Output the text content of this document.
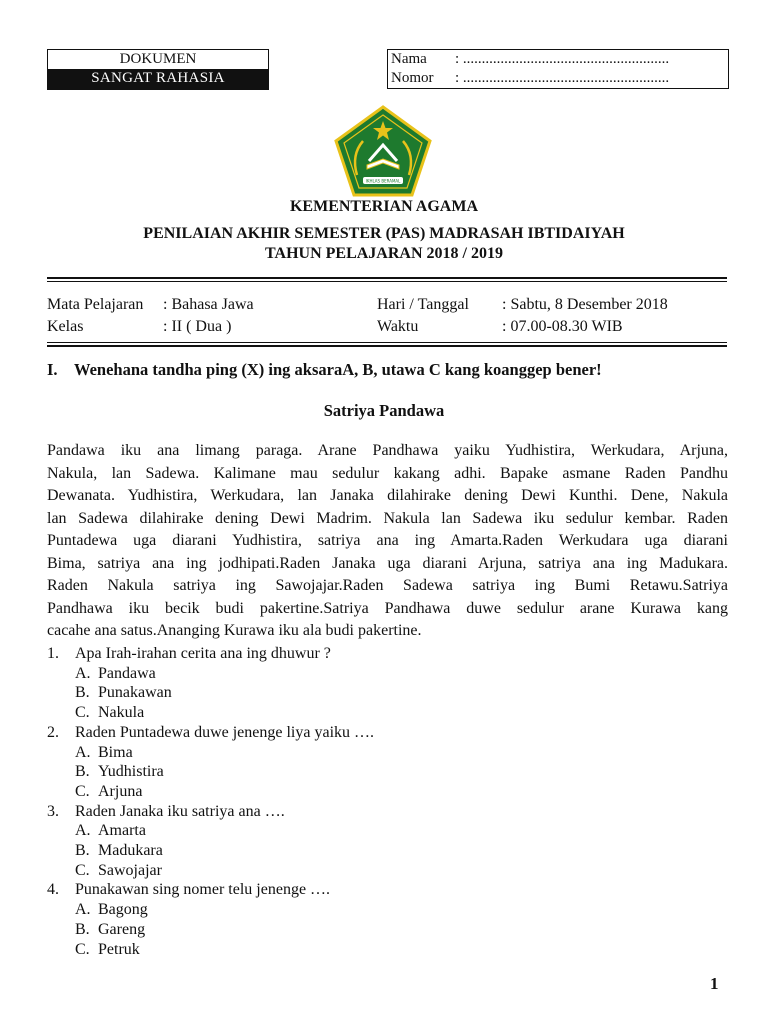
DOKUMEN
SANGAT RAHASIA
Nama : .......................................................
Nomor : .......................................................
IKHLAS BERAMAL
KEMENTERIAN AGAMA
PENILAIAN AKHIR SEMESTER (PAS) MADRASAH IBTIDAIYAH
TAHUN PELAJARAN 2018 / 2019
Mata Pelajaran : Bahasa Jawa
Kelas	: II ( Dua )
Hari / Tanggal : Sabtu, 8 Desember 2018
Waktu	: 07.00-08.30 WIB
I. Wenehana tandha ping (X) ing aksaraA, B, utawa C kang koanggep bener!
Satriya Pandawa
Pandawa iku ana limang paraga. Arane Pandhawa yaiku Yudhistira, Werkudara, Arjuna,
Nakula, lan Sadewa. Kalimane mau sedulur kakang adhi. Bapake asmane Raden Pandhu
Dewanata. Yudhistira, Werkudara, lan Janaka dilahirake dening Dewi Kunthi. Dene, Nakula
lan Sadewa dilahirake dening Dewi Madrim. Nakula lan Sadewa iku sedulur kembar. Raden
Puntadewa uga diarani Yudhistira, satriya ana ing Amarta.Raden Werkudara uga diarani
Bima, satriya ana ing jodhipati.Raden Janaka uga diarani Arjuna, satriya ana ing Madukara.
Raden Nakula satriya ing Sawojajar.Raden Sadewa satriya ing Bumi Retawu.Satriya
Pandhawa iku becik budi pakertine.Satriya Pandhawa duwe sedulur arane Kurawa kang
cacahe ana satus.Ananging Kurawa iku ala budi pakertine.
1. Apa Irah-irahan cerita ana ing dhuwur ?
A. Pandawa
B. Punakawan
C. Nakula
2. Raden Puntadewa duwe jenenge liya yaiku ….
A. Bima
B. Yudhistira
C. Arjuna
3. Raden Janaka iku satriya ana ….
A. Amarta
B. Madukara
C. Sawojajar
4. Punakawan sing nomer telu jenenge ….
A. Bagong
B. Gareng
C. Petruk
1
